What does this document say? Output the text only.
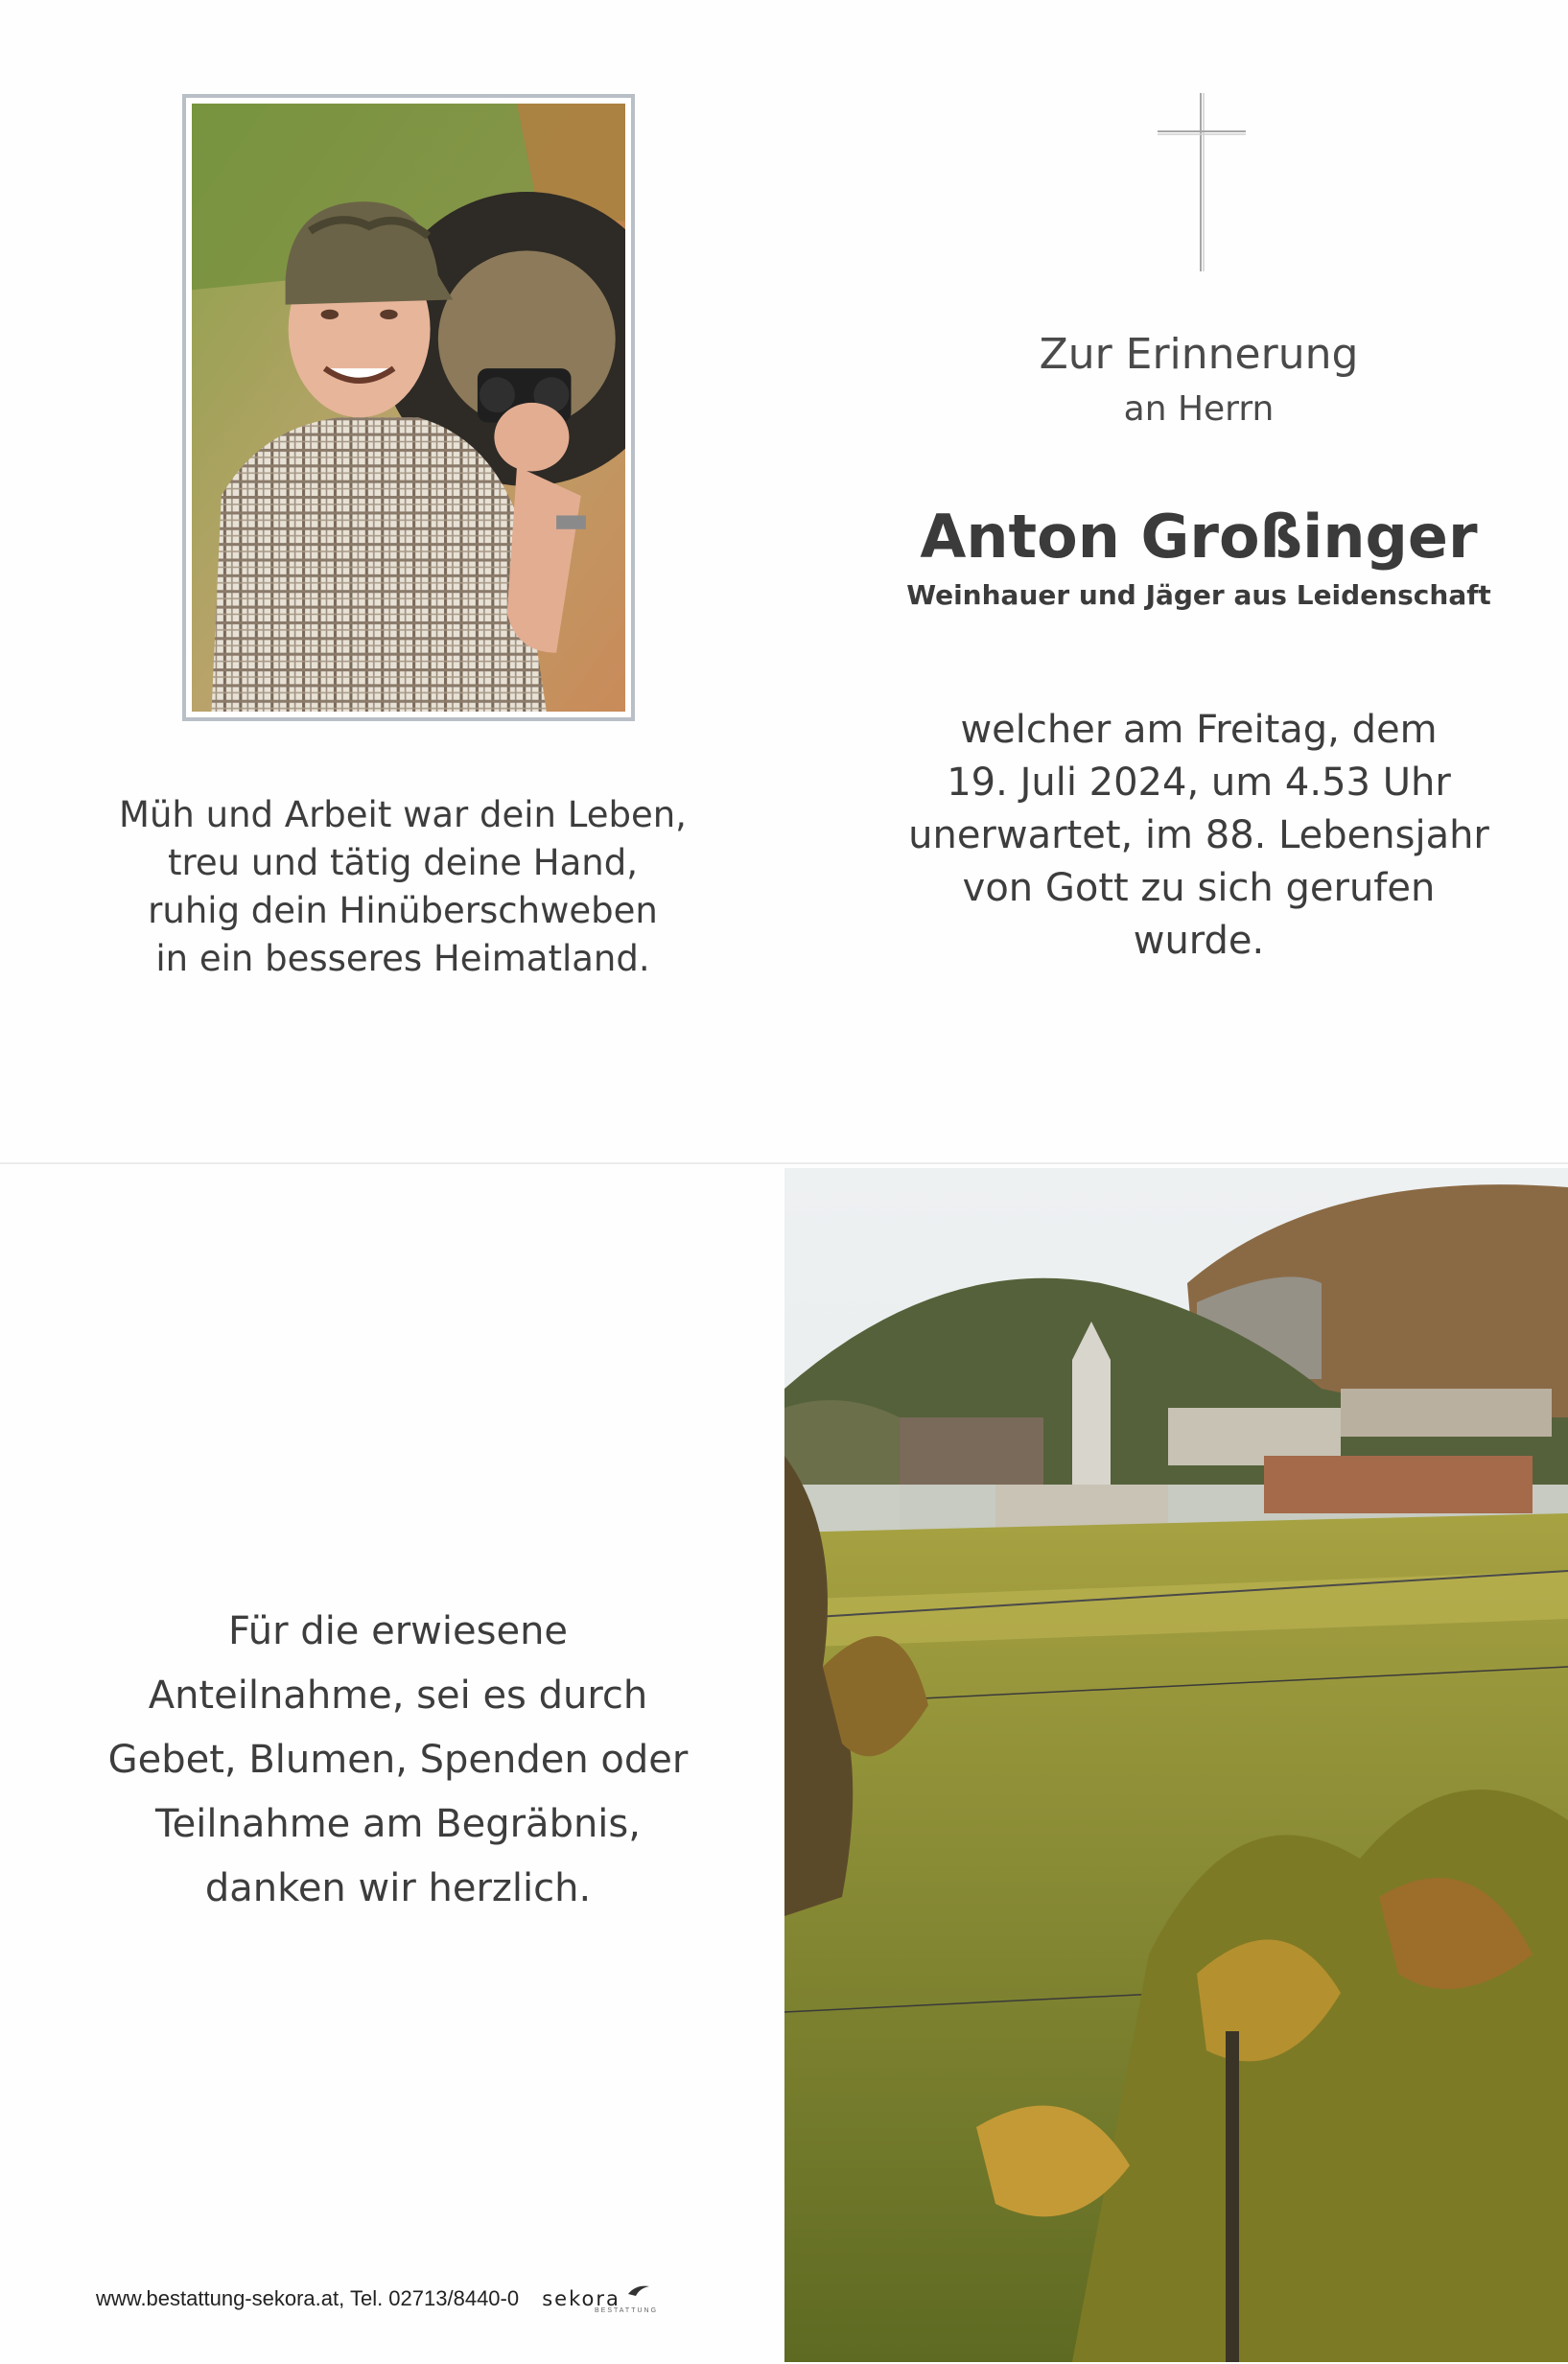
Zur Erinnerung
an Herrn
Anton Großinger
Weinhauer und Jäger aus Leidenschaft
welcher am Freitag, dem
19. Juli 2024, um 4.53 Uhr
unerwartet, im 88. Lebensjahr
von Gott zu sich gerufen
wurde.
Müh und Arbeit war dein Leben,
treu und tätig deine Hand,
ruhig dein Hinüberschweben
in ein besseres Heimatland.
Für die erwiesene
Anteilnahme, sei es durch
Gebet, Blumen, Spenden oder
Teilnahme am Begräbnis,
danken wir herzlich.
www.bestattung-sekora.at, Tel. 02713/8440-0 sekora
BESTATTUNG
